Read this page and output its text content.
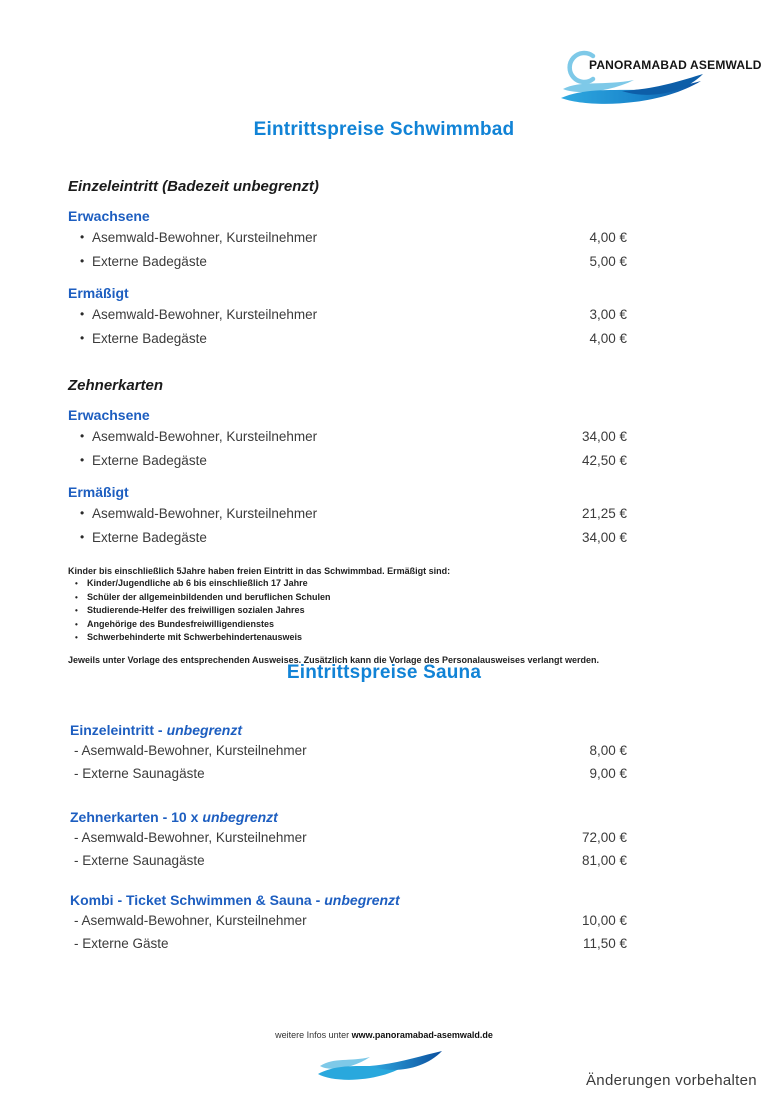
PANORAMABAD ASEMWALD
Eintrittspreise Schwimmbad
Einzeleintritt (Badezeit unbegrenzt)
Erwachsene
• Asemwald-Bewohner, Kursteilnehmer	4,00 €
• Externe Badegäste	5,00 €
Ermäßigt
• Asemwald-Bewohner, Kursteilnehmer	3,00 €
• Externe Badegäste	4,00 €
Zehnerkarten
Erwachsene
• Asemwald-Bewohner, Kursteilnehmer	34,00 €
• Externe Badegäste	42,50 €
Ermäßigt
• Asemwald-Bewohner, Kursteilnehmer	21,25 €
• Externe Badegäste	34,00 €
Kinder bis einschließlich 5Jahre haben freien Eintritt in das Schwimmbad. Ermäßigt sind:
•	Kinder/Jugendliche ab 6 bis einschließlich 17 Jahre
•	Schüler der allgemeinbildenden und beruflichen Schulen
•	Studierende-Helfer des freiwilligen sozialen Jahres
•	Angehörige des Bundesfreiwilligendienstes
•	Schwerbehinderte mit Schwerbehindertenausweis
Jeweils unter Vorlage des entsprechenden Ausweises. Zusätzlich kann die Vorlage des Personalausweises verlangt werden.
Eintrittspreise Sauna
Einzeleintritt - unbegrenzt
- Asemwald-Bewohner, Kursteilnehmer	8,00 €
- Externe Saunagäste	9,00 €
Zehnerkarten - 10 x unbegrenzt
- Asemwald-Bewohner, Kursteilnehmer	72,00 €
- Externe Saunagäste	81,00 €
Kombi - Ticket Schwimmen & Sauna - unbegrenzt
- Asemwald-Bewohner, Kursteilnehmer	10,00 €
- Externe Gäste	11,50 €
weitere Infos unter www.panoramabad-asemwald.de
Änderungen vorbehalten
